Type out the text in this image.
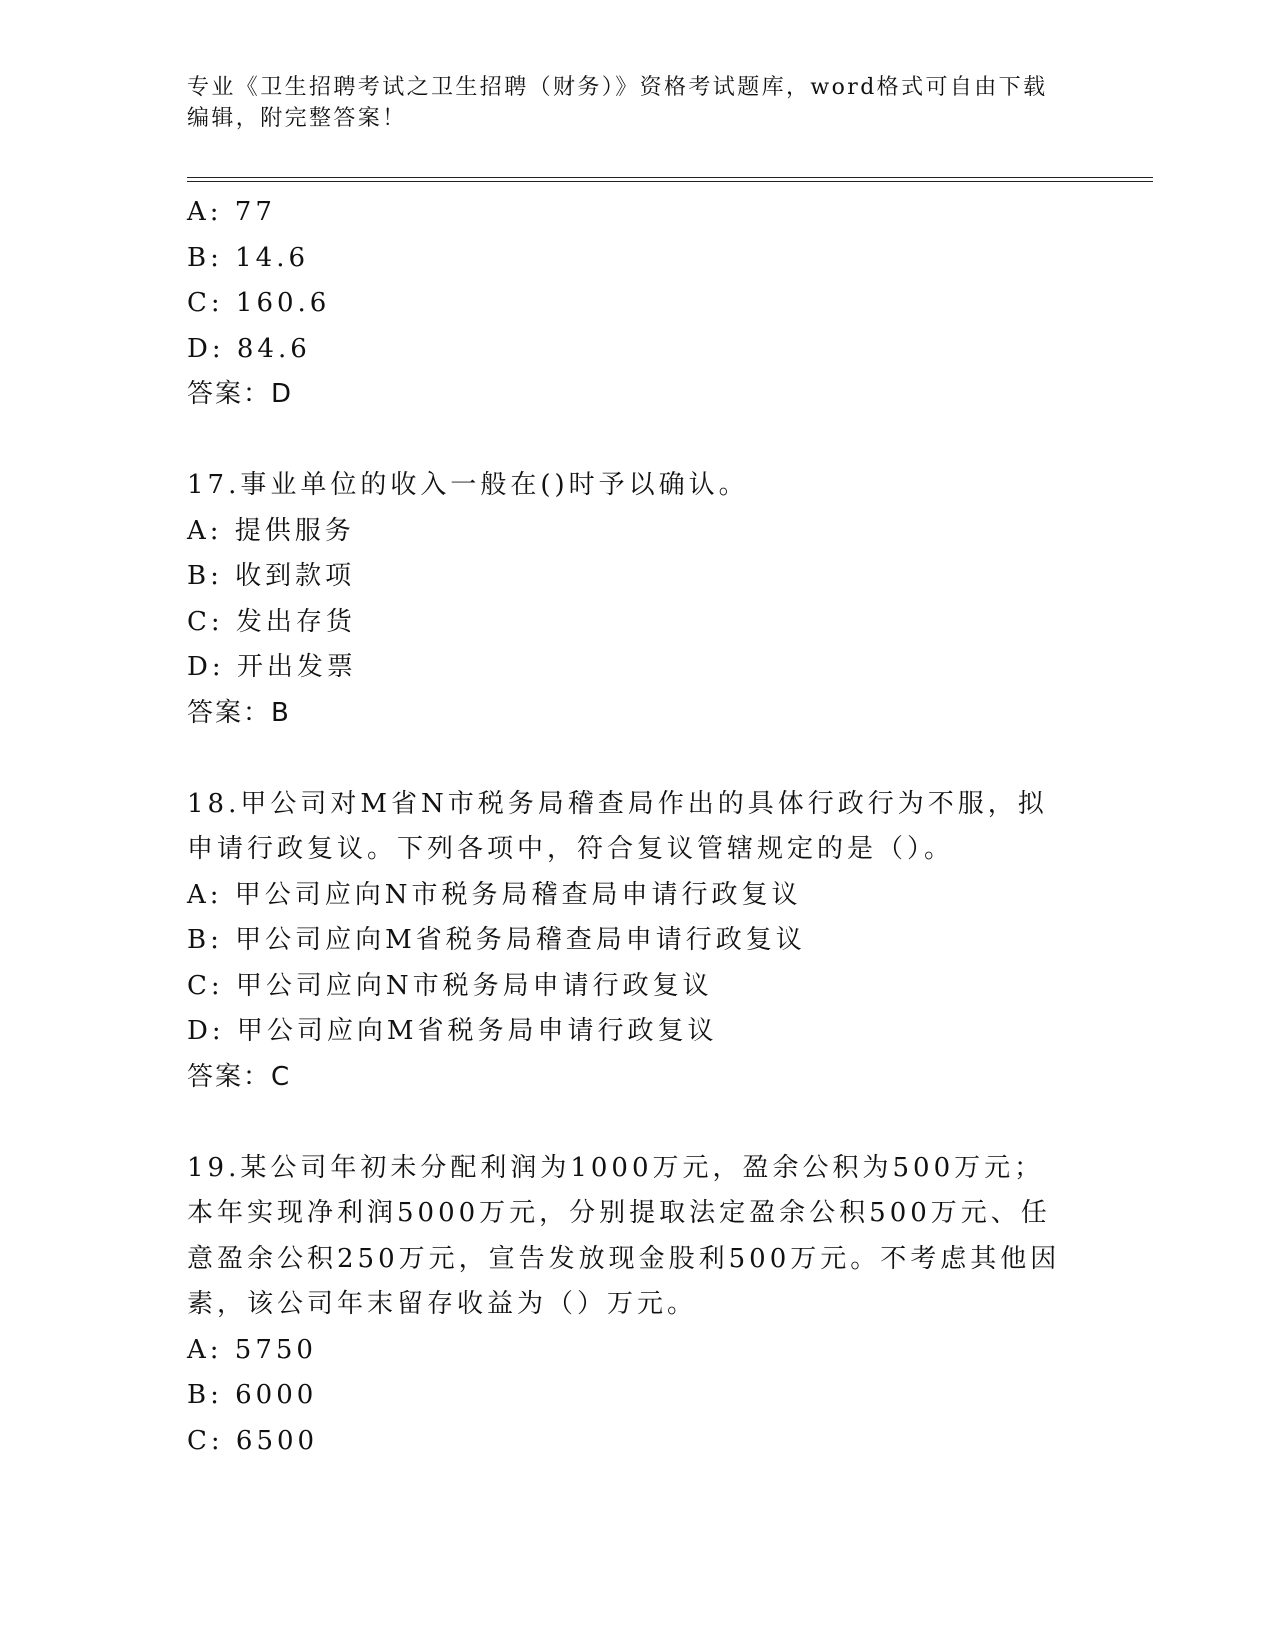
专业《卫生招聘考试之卫生招聘（财务）》资格考试题库，word格式可自由下载编辑，附完整答案！
A: 77
B: 14.6
C: 160.6
D: 84.6
答案：D
17.事业单位的收入一般在()时予以确认。
A: 提供服务
B: 收到款项
C: 发出存货
D: 开出发票
答案：B
18.甲公司对M省N市税务局稽查局作出的具体行政行为不服，拟申请行政复议。下列各项中，符合复议管辖规定的是（）。
A: 甲公司应向N市税务局稽查局申请行政复议
B: 甲公司应向M省税务局稽查局申请行政复议
C: 甲公司应向N市税务局申请行政复议
D: 甲公司应向M省税务局申请行政复议
答案：C
19.某公司年初未分配利润为1000万元，盈余公积为500万元；本年实现净利润5000万元，分别提取法定盈余公积500万元、任意盈余公积250万元，宣告发放现金股利500万元。不考虑其他因素，该公司年末留存收益为（）万元。
A: 5750
B: 6000
C: 6500
